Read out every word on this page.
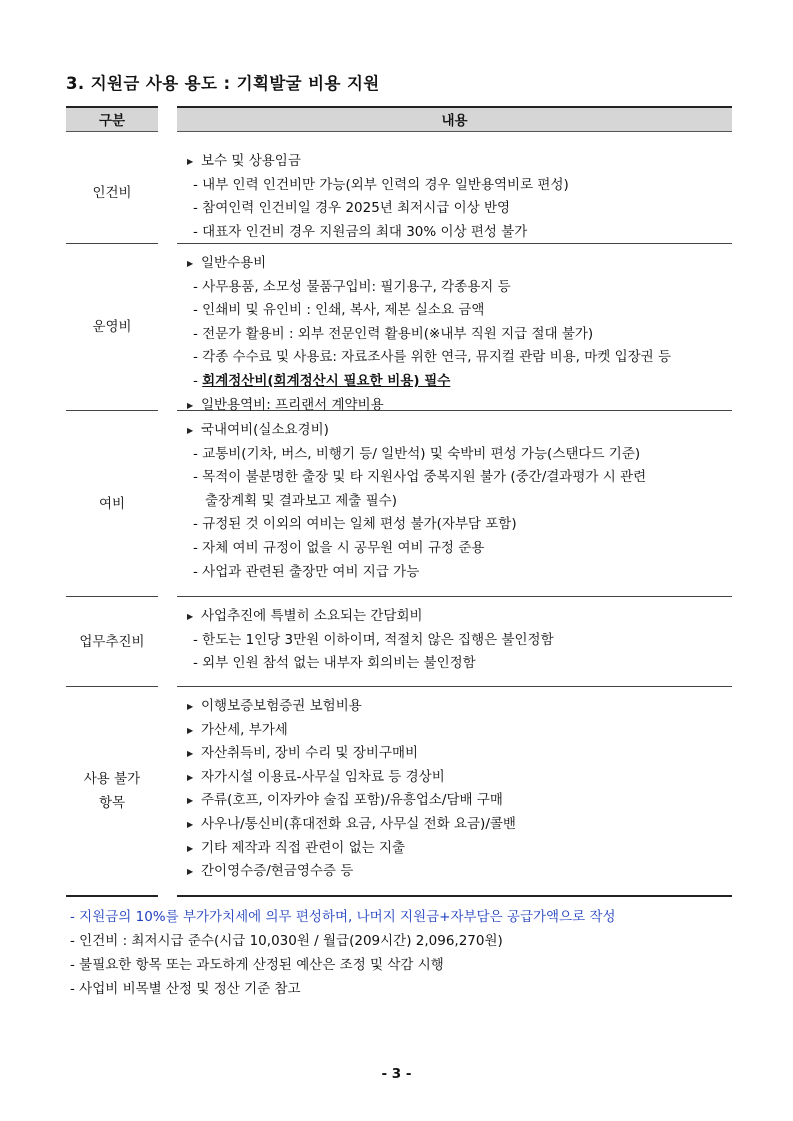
3. 지원금 사용 용도 : 기획발굴 비용 지원
구분	내용
인건비
▶ 보수 및 상용임금
- 내부 인력 인건비만 가능(외부 인력의 경우 일반용역비로 편성)
- 참여인력 인건비일 경우 2025년 최저시급 이상 반영
- 대표자 인건비 경우 지원금의 최대 30% 이상 편성 불가
운영비
▶ 일반수용비
- 사무용품, 소모성 물품구입비: 필기용구, 각종용지 등
- 인쇄비 및 유인비 : 인쇄, 복사, 제본 실소요 금액
- 전문가 활용비 : 외부 전문인력 활용비(※내부 직원 지급 절대 불가)
- 각종 수수료 및 사용료: 자료조사를 위한 연극, 뮤지컬 관람 비용, 마켓 입장권 등
- 회계정산비(회계정산시 필요한 비용) 필수
▶ 일반용역비: 프리랜서 계약비용
여비
▶ 국내여비(실소요경비)
- 교통비(기차, 버스, 비행기 등/ 일반석) 및 숙박비 편성 가능(스탠다드 기준)
- 목적이 불분명한 출장 및 타 지원사업 중복지원 불가 (중간/결과평가 시 관련
출장계획 및 결과보고 제출 필수)
- 규정된 것 이외의 여비는 일체 편성 불가(자부담 포함)
- 자체 여비 규정이 없을 시 공무원 여비 규정 준용
- 사업과 관련된 출장만 여비 지급 가능
업무추진비
▶ 사업추진에 특별히 소요되는 간담회비
- 한도는 1인당 3만원 이하이며, 적절치 않은 집행은 불인정함
- 외부 인원 참석 없는 내부자 회의비는 불인정함
사용 불가
항목
▶ 이행보증보험증권 보험비용
▶ 가산세, 부가세
▶ 자산취득비, 장비 수리 및 장비구매비
▶ 자가시설 이용료-사무실 임차료 등 경상비
▶ 주류(호프, 이자카야 술집 포함)/유흥업소/담배 구매
▶ 사우나/통신비(휴대전화 요금, 사무실 전화 요금)/콜밴
▶ 기타 제작과 직접 관련이 없는 지출
▶ 간이영수증/현금영수증 등
- 지원금의 10%를 부가가치세에 의무 편성하며, 나머지 지원금+자부담은 공급가액으로 작성
- 인건비 : 최저시급 준수(시급 10,030원 / 월급(209시간) 2,096,270원)
- 불필요한 항목 또는 과도하게 산정된 예산은 조정 및 삭감 시행
- 사업비 비목별 산정 및 정산 기준 참고
- 3 -
